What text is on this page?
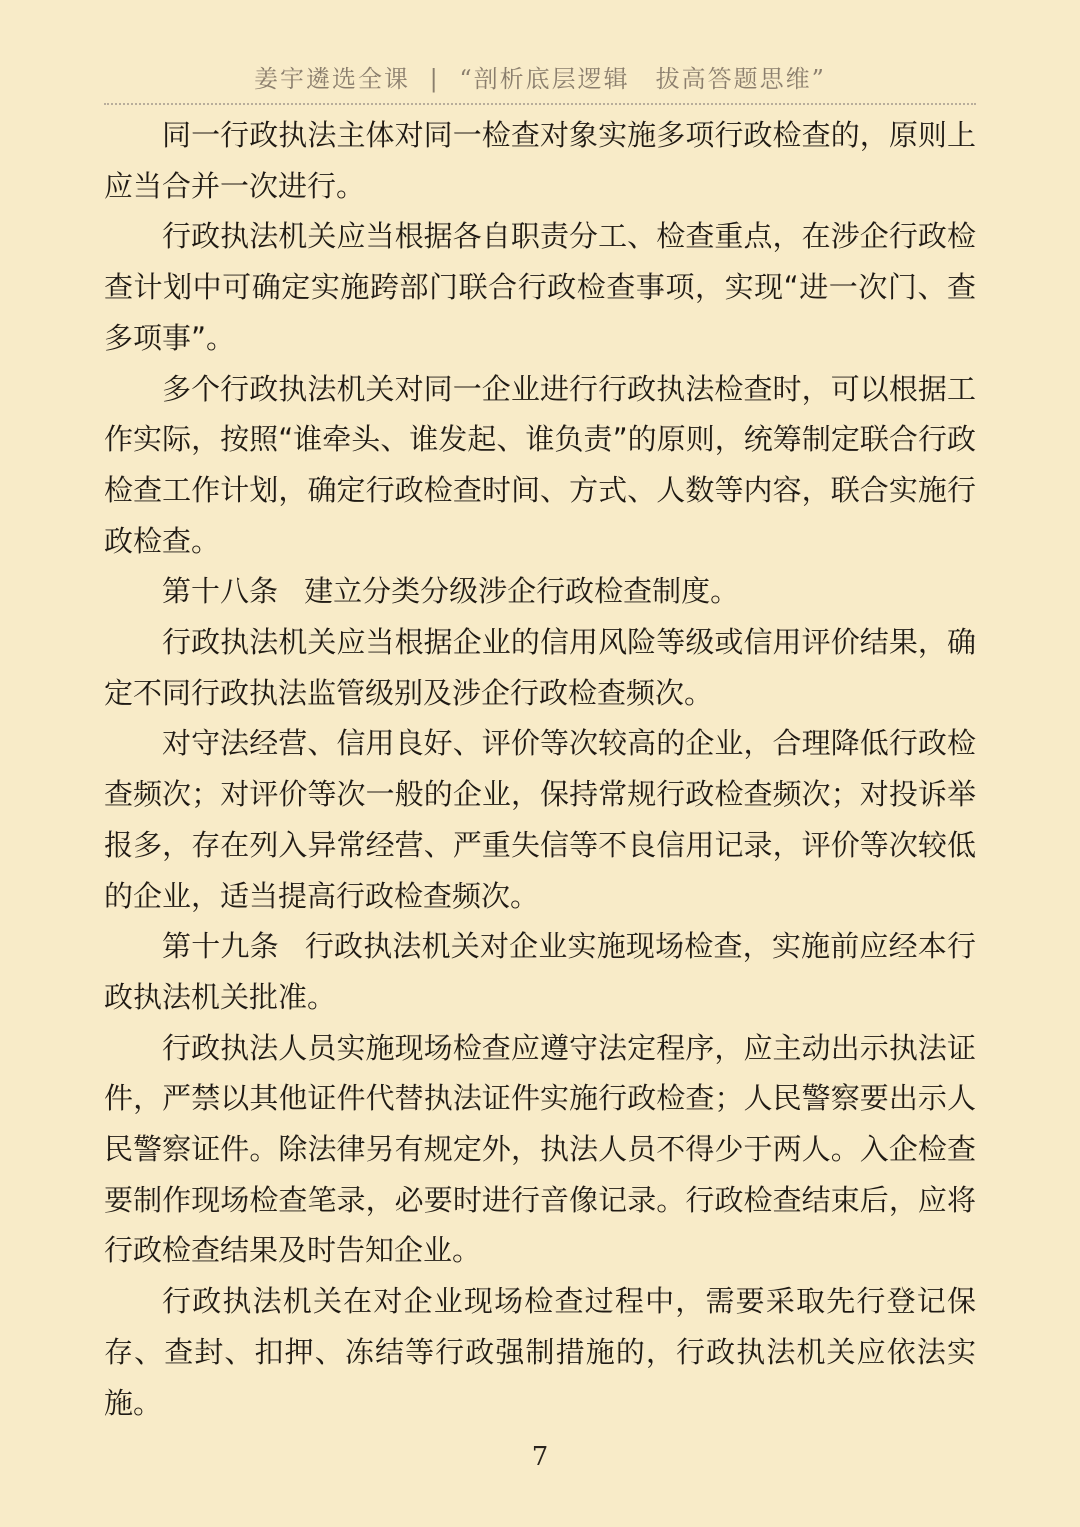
姜宇遴选全课 | “剖析底层逻辑　拔高答题思维”

同一行政执法主体对同一检查对象实施多项行政检查的，原则上应当合并一次进行。

行政执法机关应当根据各自职责分工、检查重点，在涉企行政检查计划中可确定实施跨部门联合行政检查事项，实现“进一次门、查多项事”。

多个行政执法机关对同一企业进行行政执法检查时，可以根据工作实际，按照“谁牵头、谁发起、谁负责”的原则，统筹制定联合行政检查工作计划，确定行政检查时间、方式、人数等内容，联合实施行政检查。

第十八条 建立分类分级涉企行政检查制度。

行政执法机关应当根据企业的信用风险等级或信用评价结果，确定不同行政执法监管级别及涉企行政检查频次。

对守法经营、信用良好、评价等次较高的企业，合理降低行政检查频次；对评价等次一般的企业，保持常规行政检查频次；对投诉举报多，存在列入异常经营、严重失信等不良信用记录，评价等次较低的企业，适当提高行政检查频次。

第十九条 行政执法机关对企业实施现场检查，实施前应经本行政执法机关批准。

行政执法人员实施现场检查应遵守法定程序，应主动出示执法证件，严禁以其他证件代替执法证件实施行政检查；人民警察要出示人民警察证件。除法律另有规定外，执法人员不得少于两人。入企检查要制作现场检查笔录，必要时进行音像记录。行政检查结束后，应将行政检查结果及时告知企业。

行政执法机关在对企业现场检查过程中，需要采取先行登记保存、查封、扣押、冻结等行政强制措施的，行政执法机关应依法实施。

7
